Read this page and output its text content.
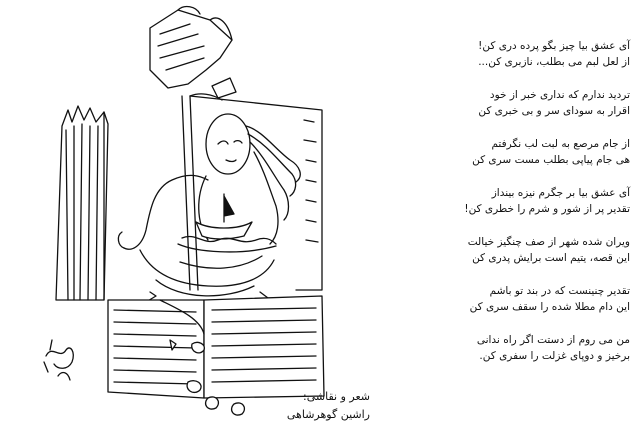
آی عشق بیا چیز بگو پرده دری کن!
از لعل لبم می بطلب، نازبری کن...
تردید ندارم که نداری خبر از خود
اقرار به سودای سر و بی خبری کن
از جام مرصع به لبت لب نگرفتم
هی جام پیاپی بطلب مست سری کن
آی عشق بیا بر جگرم نیزه بینداز
تقدیر پر از شور و شرم را خطری کن!
ویران شده شهر از صف چنگیز خیالت
این قصه، یتیم است برایش پدری کن
تقدیر چنینست که در بند تو باشم
این دام مطلا شده را سقف سری کن
من می روم از دستت اگر راه ندانی
برخیز و دوپای غزلت را سفری کن.
شعر و نقاشی:
راشین گوهرشاهی
